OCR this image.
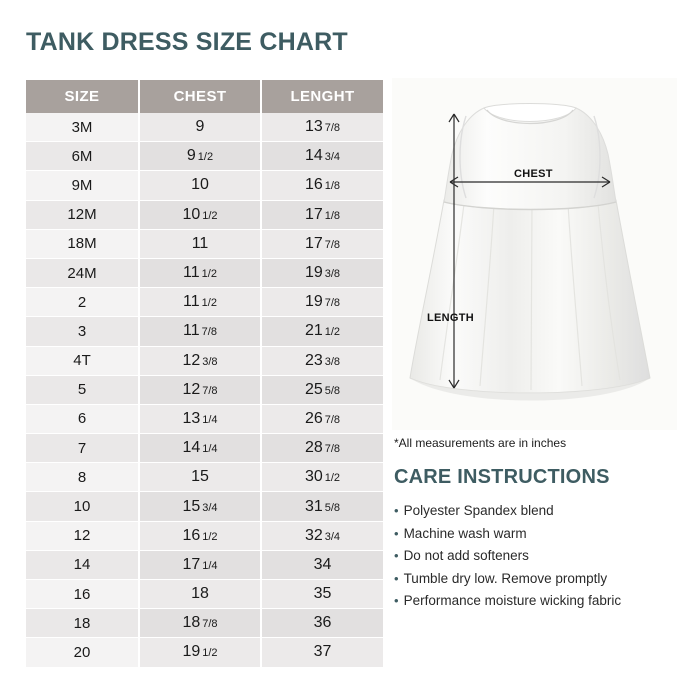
TANK DRESS SIZE CHART
SIZE	CHEST	LENGHT
3M	9	13 7/8
6M	9 1/2	14 3/4
9M	10	16 1/8
12M	10 1/2	17 1/8
18M	11	17 7/8
24M	11 1/2	19 3/8
2	11 1/2	19 7/8
3	11 7/8	21 1/2
4T	12 3/8	23 3/8
5	12 7/8	25 5/8
6	13 1/4	26 7/8
7	14 1/4	28 7/8
8	15	30 1/2
10	15 3/4	31 5/8
12	16 1/2	32 3/4
14	17 1/4	34
16	18	35
18	18 7/8	36
20	19 1/2	37
CHEST
LENGTH
*All measurements are in inches
CARE INSTRUCTIONS
• Polyester Spandex blend
• Machine wash warm
• Do not add softeners
• Tumble dry low. Remove promptly
• Performance moisture wicking fabric
